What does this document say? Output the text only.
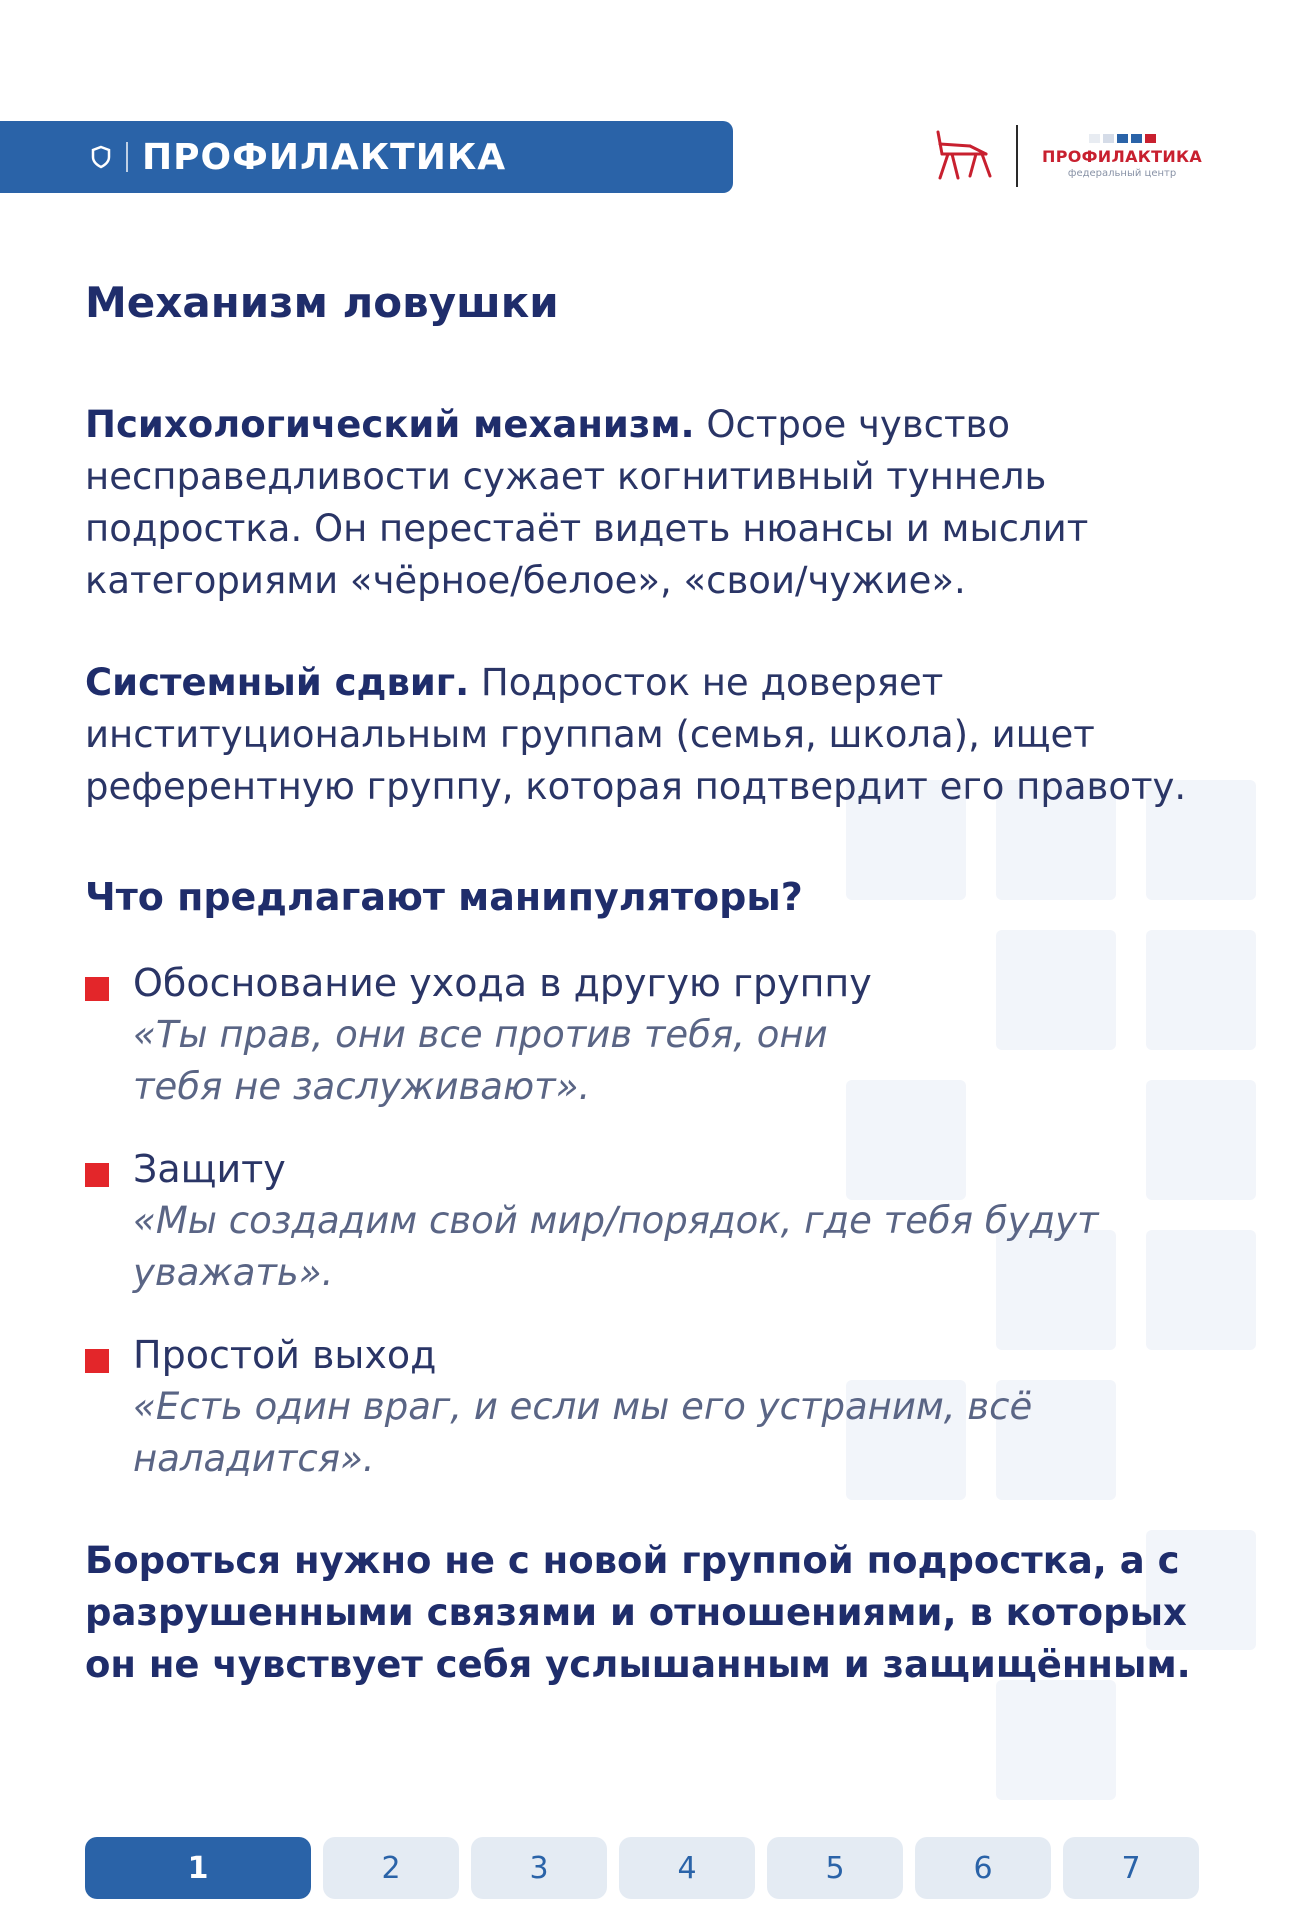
ПРОФИЛАКТИКА	ПРОФИЛАКТИКА
федеральный центр
Механизм ловушки

Психологический механизм. Острое чувство несправедливости сужает когнитивный туннель подростка. Он перестаёт видеть нюансы и мыслит категориями «чёрное/белое», «свои/чужие».

Системный сдвиг. Подросток не доверяет институциональным группам (семья, школа), ищет референтную группу, которая подтвердит его правоту.

Что предлагают манипуляторы?
Обоснование ухода в другую группу
«Ты прав, они все против тебя, они тебя не заслуживают».
Защиту
«Мы создадим свой мир/порядок, где тебя будут уважать».
Простой выход
«Есть один враг, и если мы его устраним, всё наладится».
Бороться нужно не с новой группой подростка, а с разрушенными связями и отношениями, в которых он не чувствует себя услышанным и защищённым.
1	2	3	4	5	6	7
